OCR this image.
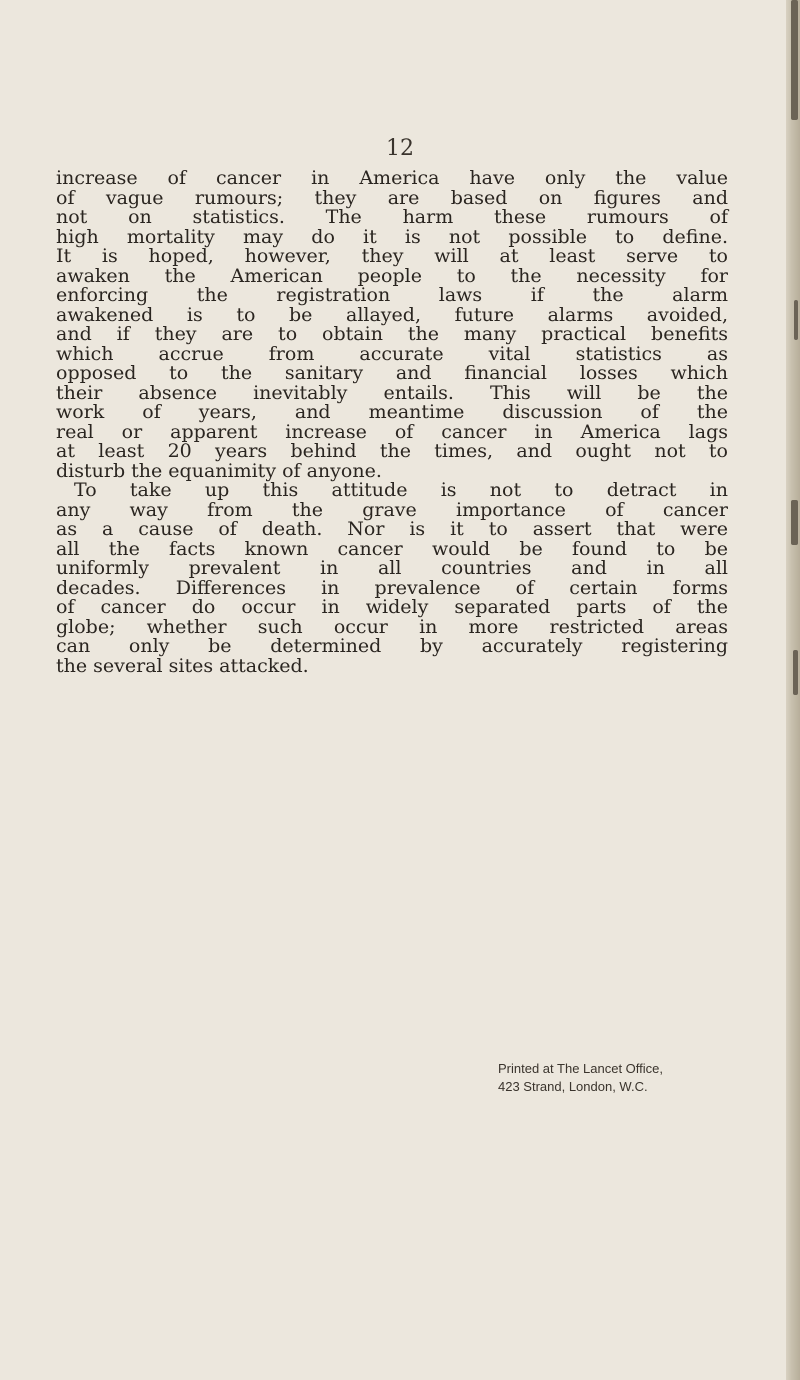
12
increase of cancer in America have only the value
of vague rumours; they are based on figures and
not on statistics. The harm these rumours of
high mortality may do it is not possible to define.
It is hoped, however, they will at least serve to
awaken the American people to the necessity for
enforcing the registration laws if the alarm
awakened is to be allayed, future alarms avoided,
and if they are to obtain the many practical benefits
which accrue from accurate vital statistics as
opposed to the sanitary and financial losses which
their absence inevitably entails. This will be the
work of years, and meantime discussion of the
real or apparent increase of cancer in America lags
at least 20 years behind the times, and ought not to
disturb the equanimity of anyone.
To take up this attitude is not to detract in
any way from the grave importance of cancer
as a cause of death. Nor is it to assert that were
all the facts known cancer would be found to be
uniformly prevalent in all countries and in all
decades. Differences in prevalence of certain forms
of cancer do occur in widely separated parts of the
globe; whether such occur in more restricted areas
can only be determined by accurately registering
the several sites attacked.
Printed at The Lancet Office,
423 Strand, London, W.C.
